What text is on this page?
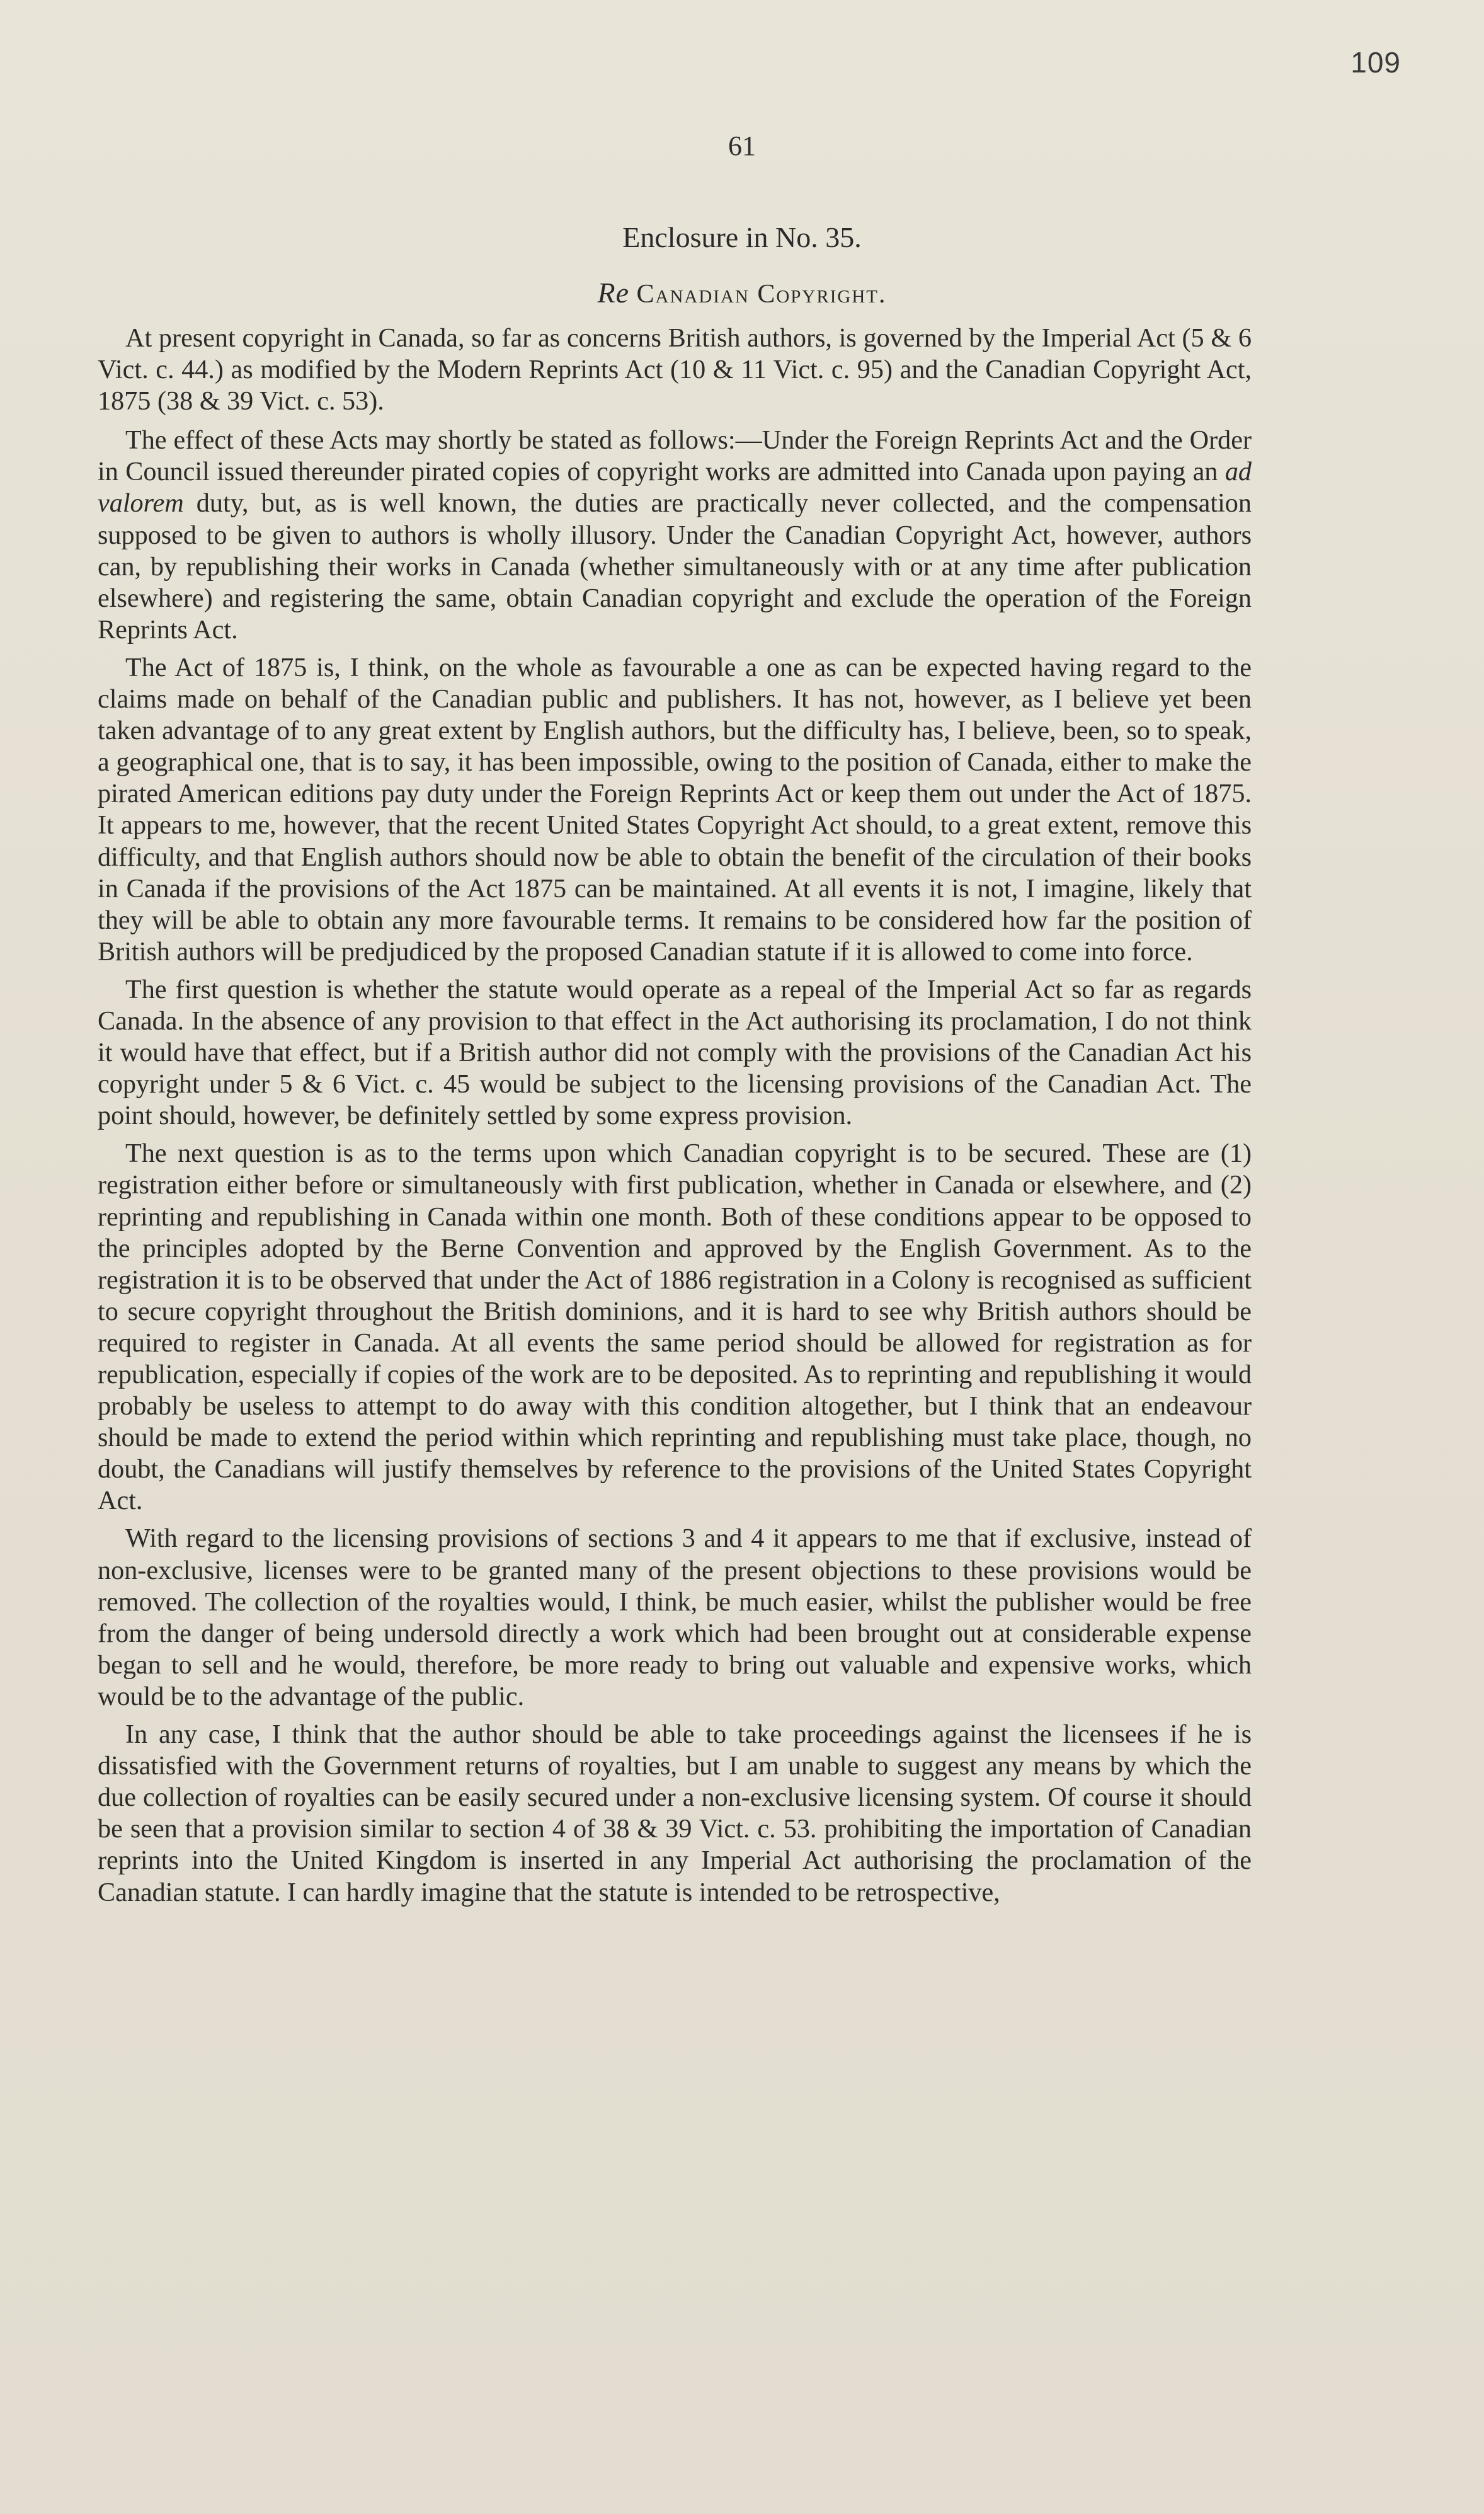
109
61
Enclosure in No. 35.
Re Canadian Copyright.

At present copyright in Canada, so far as concerns British authors, is governed by the Imperial Act (5 & 6 Vict. c. 44.) as modified by the Modern Reprints Act (10 & 11 Vict. c. 95) and the Canadian Copyright Act, 1875 (38 & 39 Vict. c. 53).

The effect of these Acts may shortly be stated as follows:—Under the Foreign Reprints Act and the Order in Council issued thereunder pirated copies of copyright works are admitted into Canada upon paying an ad valorem duty, but, as is well known, the duties are practically never collected, and the compensation supposed to be given to authors is wholly illusory. Under the Canadian Copyright Act, however, authors can, by republishing their works in Canada (whether simultaneously with or at any time after publication elsewhere) and registering the same, obtain Canadian copyright and exclude the operation of the Foreign Reprints Act.

The Act of 1875 is, I think, on the whole as favourable a one as can be expected having regard to the claims made on behalf of the Canadian public and publishers. It has not, however, as I believe yet been taken advantage of to any great extent by English authors, but the difficulty has, I believe, been, so to speak, a geographical one, that is to say, it has been impossible, owing to the position of Canada, either to make the pirated American editions pay duty under the Foreign Reprints Act or keep them out under the Act of 1875. It appears to me, however, that the recent United States Copyright Act should, to a great extent, remove this difficulty, and that English authors should now be able to obtain the benefit of the circulation of their books in Canada if the provisions of the Act 1875 can be maintained. At all events it is not, I imagine, likely that they will be able to obtain any more favourable terms. It remains to be considered how far the position of British authors will be predjudiced by the proposed Canadian statute if it is allowed to come into force.

The first question is whether the statute would operate as a repeal of the Imperial Act so far as regards Canada. In the absence of any provision to that effect in the Act authorising its proclamation, I do not think it would have that effect, but if a British author did not comply with the provisions of the Canadian Act his copyright under 5 & 6 Vict. c. 45 would be subject to the licensing provisions of the Canadian Act. The point should, however, be definitely settled by some express provision.

The next question is as to the terms upon which Canadian copyright is to be secured. These are (1) registration either before or simultaneously with first publication, whether in Canada or elsewhere, and (2) reprinting and republishing in Canada within one month. Both of these conditions appear to be opposed to the principles adopted by the Berne Convention and approved by the English Government. As to the registration it is to be observed that under the Act of 1886 registration in a Colony is recognised as sufficient to secure copyright throughout the British dominions, and it is hard to see why British authors should be required to register in Canada. At all events the same period should be allowed for registration as for republication, especially if copies of the work are to be deposited. As to reprinting and republishing it would probably be useless to attempt to do away with this condition altogether, but I think that an endeavour should be made to extend the period within which reprinting and republishing must take place, though, no doubt, the Canadians will justify themselves by reference to the provisions of the United States Copyright Act.

With regard to the licensing provisions of sections 3 and 4 it appears to me that if exclusive, instead of non-exclusive, licenses were to be granted many of the present objections to these provisions would be removed. The collection of the royalties would, I think, be much easier, whilst the publisher would be free from the danger of being undersold directly a work which had been brought out at considerable expense began to sell and he would, therefore, be more ready to bring out valuable and expensive works, which would be to the advantage of the public.

In any case, I think that the author should be able to take proceedings against the licensees if he is dissatisfied with the Government returns of royalties, but I am unable to suggest any means by which the due collection of royalties can be easily secured under a non-exclusive licensing system. Of course it should be seen that a provision similar to section 4 of 38 & 39 Vict. c. 53. prohibiting the importation of Canadian reprints into the United Kingdom is inserted in any Imperial Act authorising the proclamation of the Canadian statute. I can hardly imagine that the statute is intended to be retrospective,
